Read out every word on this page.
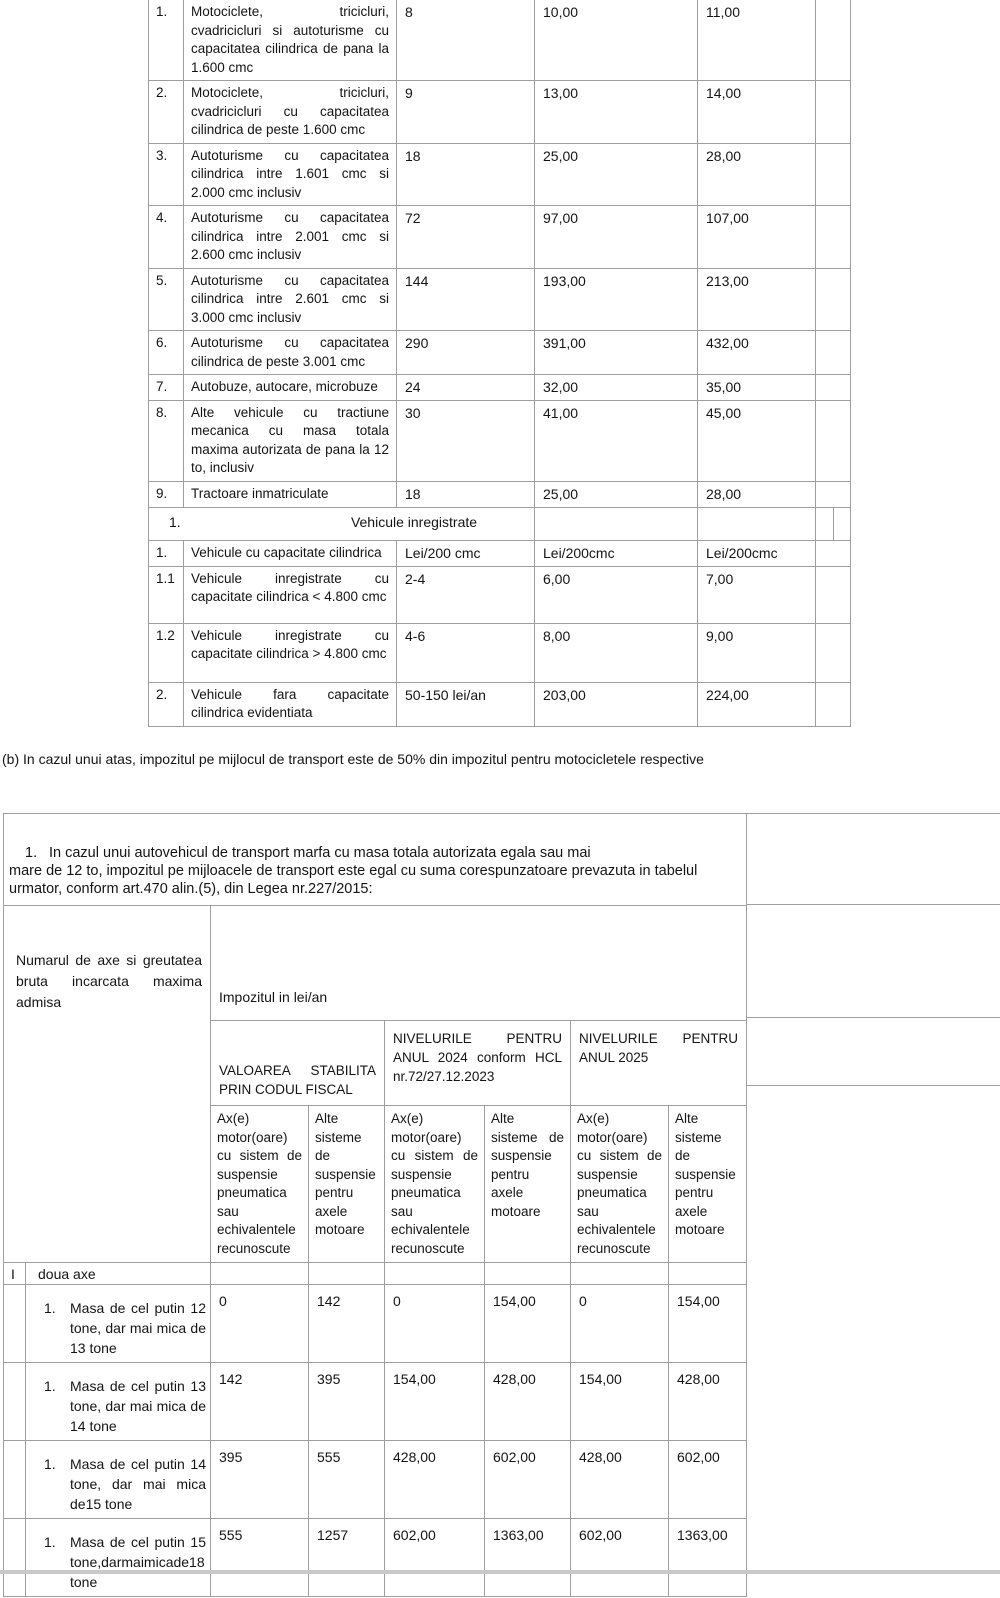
1.	Motociclete, tricicluri, cvadricicluri si autoturisme cu capacitatea cilindrica de pana la 1.600 cmc	8	10,00	11,00		
2.	Motociclete, tricicluri, cvadricicluri cu capacitatea cilindrica de peste 1.600 cmc	9	13,00	14,00		
3.	Autoturisme cu capacitatea cilindrica intre 1.601 cmc si 2.000 cmc inclusiv	18	25,00	28,00		
4.	Autoturisme cu capacitatea cilindrica intre 2.001 cmc si 2.600 cmc inclusiv	72	97,00	107,00		
5.	Autoturisme cu capacitatea cilindrica intre 2.601 cmc si 3.000 cmc inclusiv	144	193,00	213,00		
6.	Autoturisme cu capacitatea cilindrica de peste 3.001 cmc	290	391,00	432,00		
7.	Autobuze, autocare, microbuze	24	32,00	35,00		
8.	Alte vehicule cu tractiune mecanica cu masa totala maxima autorizata de pana la 12 to, inclusiv	30	41,00	45,00		
9.	Tractoare inmatriculate	18	25,00	28,00		

1. Vehicule inregistrate						

1.	Vehicule cu capacitate cilindrica	Lei/200 cmc	Lei/200cmc	Lei/200cmc		
1.1	Vehicule inregistrate cu capacitate cilindrica < 4.800 cmc	2-4	6,00	7,00		
1.2	Vehicule inregistrate cu capacitate cilindrica > 4.800 cmc	4-6	8,00	9,00		
2.	Vehicule fara capacitate cilindrica evidentiata	50-150 lei/an	203,00	224,00		
(b) In cazul unui atas, impozitul pe mijlocul de transport este de 50% din impozitul pentru motocicletele respective
1. In cazul unui autovehicul de transport marfa cu masa totala autorizata egala sau mai
mare de 12 to, impozitul pe mijloacele de transport este egal cu suma corespunzatoare prevazuta in tabelul urmator, conform art.470 alin.(5), din Legea nr.227/2015:							

Numarul de axe si greutatea bruta incarcata maxima admisa		Impozitul in lei/an					
		VALOAREA STABILITA PRIN CODUL FISCAL		NIVELURILE PENTRU ANUL 2024 conform HCL nr.72/27.12.2023		NIVELURILE PENTRU ANUL 2025	
		Ax(e) motor(oare) cu sistem de suspensie pneumatica sau echivalentele recunoscute	Alte sisteme de suspensie pentru axele motoare	Ax(e) motor(oare) cu sistem de suspensie pneumatica sau echivalentele recunoscute	Alte sisteme de suspensie pentru axele motoare	Ax(e) motor(oare) cu sistem de suspensie pneumatica sau echivalentele recunoscute	Alte sisteme de suspensie pentru axele motoare
I	doua axe						

	1. Masa de cel putin 12 tone, dar mai mica de 13 tone	0	142	0	154,00	0	154,00

	1. Masa de cel putin 13 tone, dar mai mica de 14 tone	142	395	154,00	428,00	154,00	428,00

	1. Masa de cel putin 14 tone, dar mai mica de15 tone	395	555	428,00	602,00	428,00	602,00

	1. Masa de cel putin 15 tone,darmaimicade18 tone	555	1257	602,00	1363,00	602,00	1363,00
